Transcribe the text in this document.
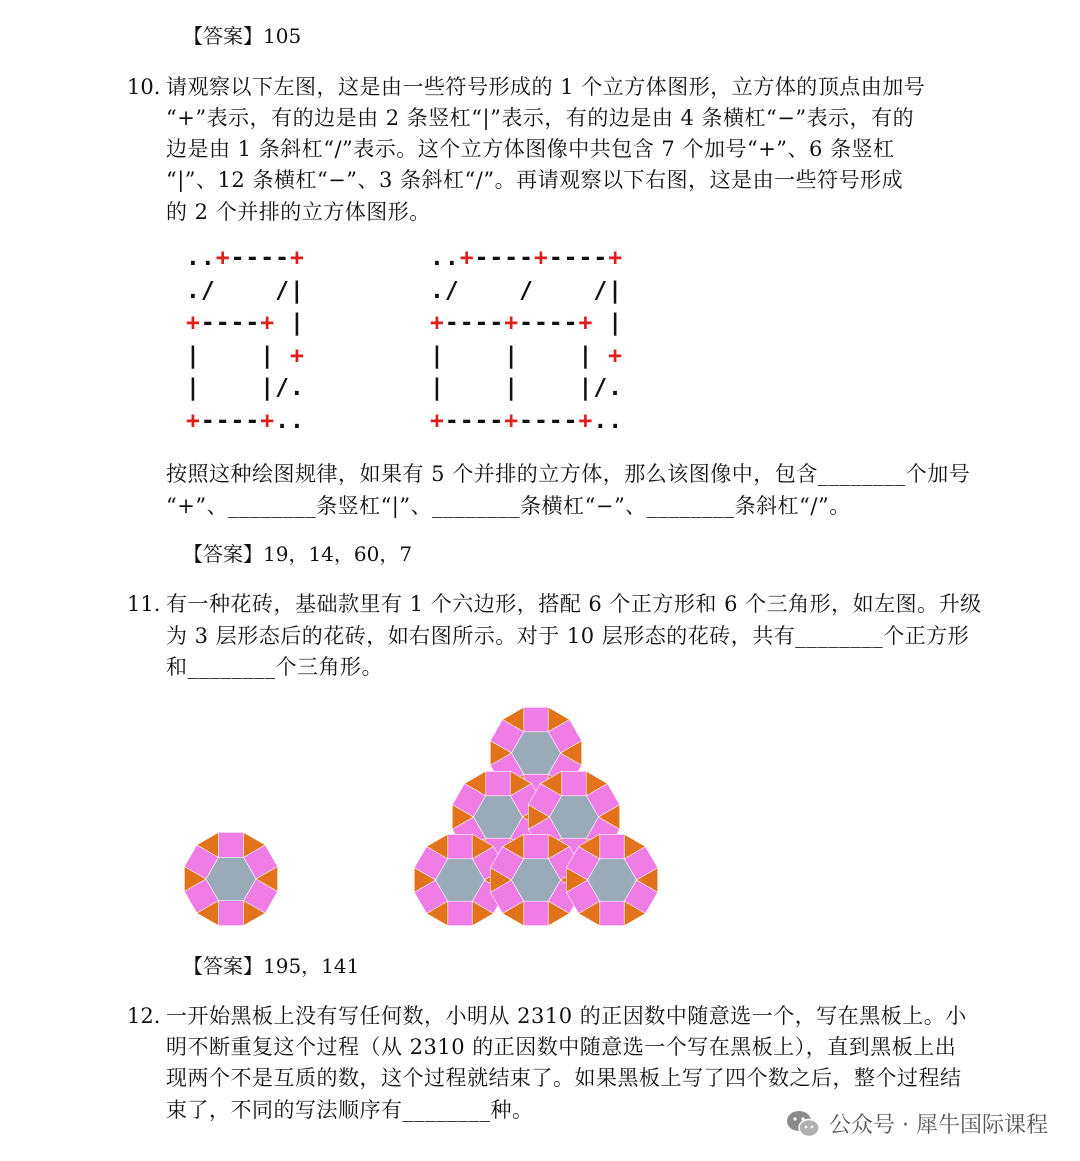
【答案】105
10. 请观察以下左图，这是由一些符号形成的 1 个立方体图形，立方体的顶点由加号
“+”表示，有的边是由 2 条竖杠“|”表示，有的边是由 4 条横杠“−”表示，有的
边是由 1 条斜杠“/”表示。这个立方体图像中共包含 7 个加号“+”、6 条竖杠
“|”、12 条横杠“−”、3 条斜杠“/”。再请观察以下右图，这是由一些符号形成
的 2 个并排的立方体图形。
..+----+
./    /|
+----+ |
|    | +
|    |/.
+----+..
..+----+----+
./    /    /|
+----+----+ |
|    |    | +
|    |    |/.
+----+----+..
按照这种绘图规律，如果有 5 个并排的立方体，那么该图像中，包含________个加号
“+”、________条竖杠“|”、________条横杠“−”、________条斜杠“/”。
【答案】19，14，60，7
11. 有一种花砖，基础款里有 1 个六边形，搭配 6 个正方形和 6 个三角形，如左图。升级
为 3 层形态后的花砖，如右图所示。对于 10 层形态的花砖，共有________个正方形
和________个三角形。
【答案】195，141
12. 一开始黑板上没有写任何数，小明从 2310 的正因数中随意选一个，写在黑板上。小
明不断重复这个过程（从 2310 的正因数中随意选一个写在黑板上），直到黑板上出
现两个不是互质的数，这个过程就结束了。如果黑板上写了四个数之后，整个过程结
束了，不同的写法顺序有________种。
公众号 · 犀牛国际课程
